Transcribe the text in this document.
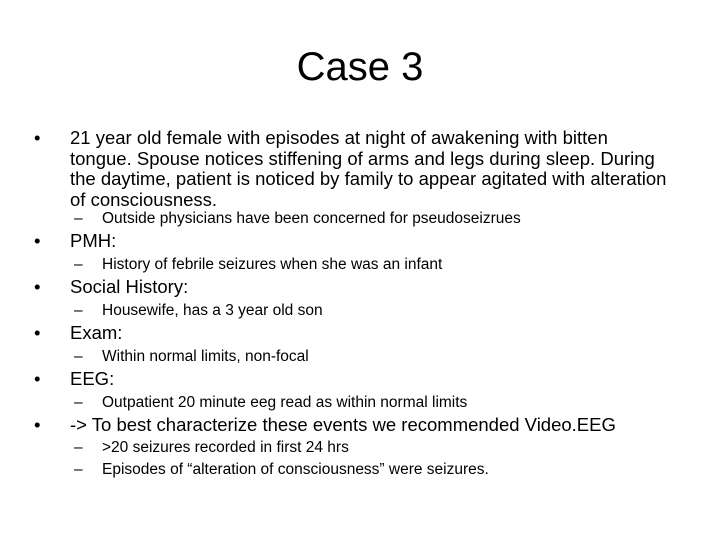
Case 3
• 21 year old female with episodes at night of awakening with bitten tongue. Spouse notices stiffening of arms and legs during sleep. During the daytime, patient is noticed by family to appear agitated with alteration of consciousness.
– Outside physicians have been concerned for pseudoseizrues
• PMH:
– History of febrile seizures when she was an infant
• Social History:
– Housewife, has a 3 year old son
• Exam:
– Within normal limits, non-focal
• EEG:
– Outpatient 20 minute eeg read as within normal limits
• -> To best characterize these events we recommended Video.EEG
– >20 seizures recorded in first 24 hrs
– Episodes of “alteration of consciousness” were seizures.
